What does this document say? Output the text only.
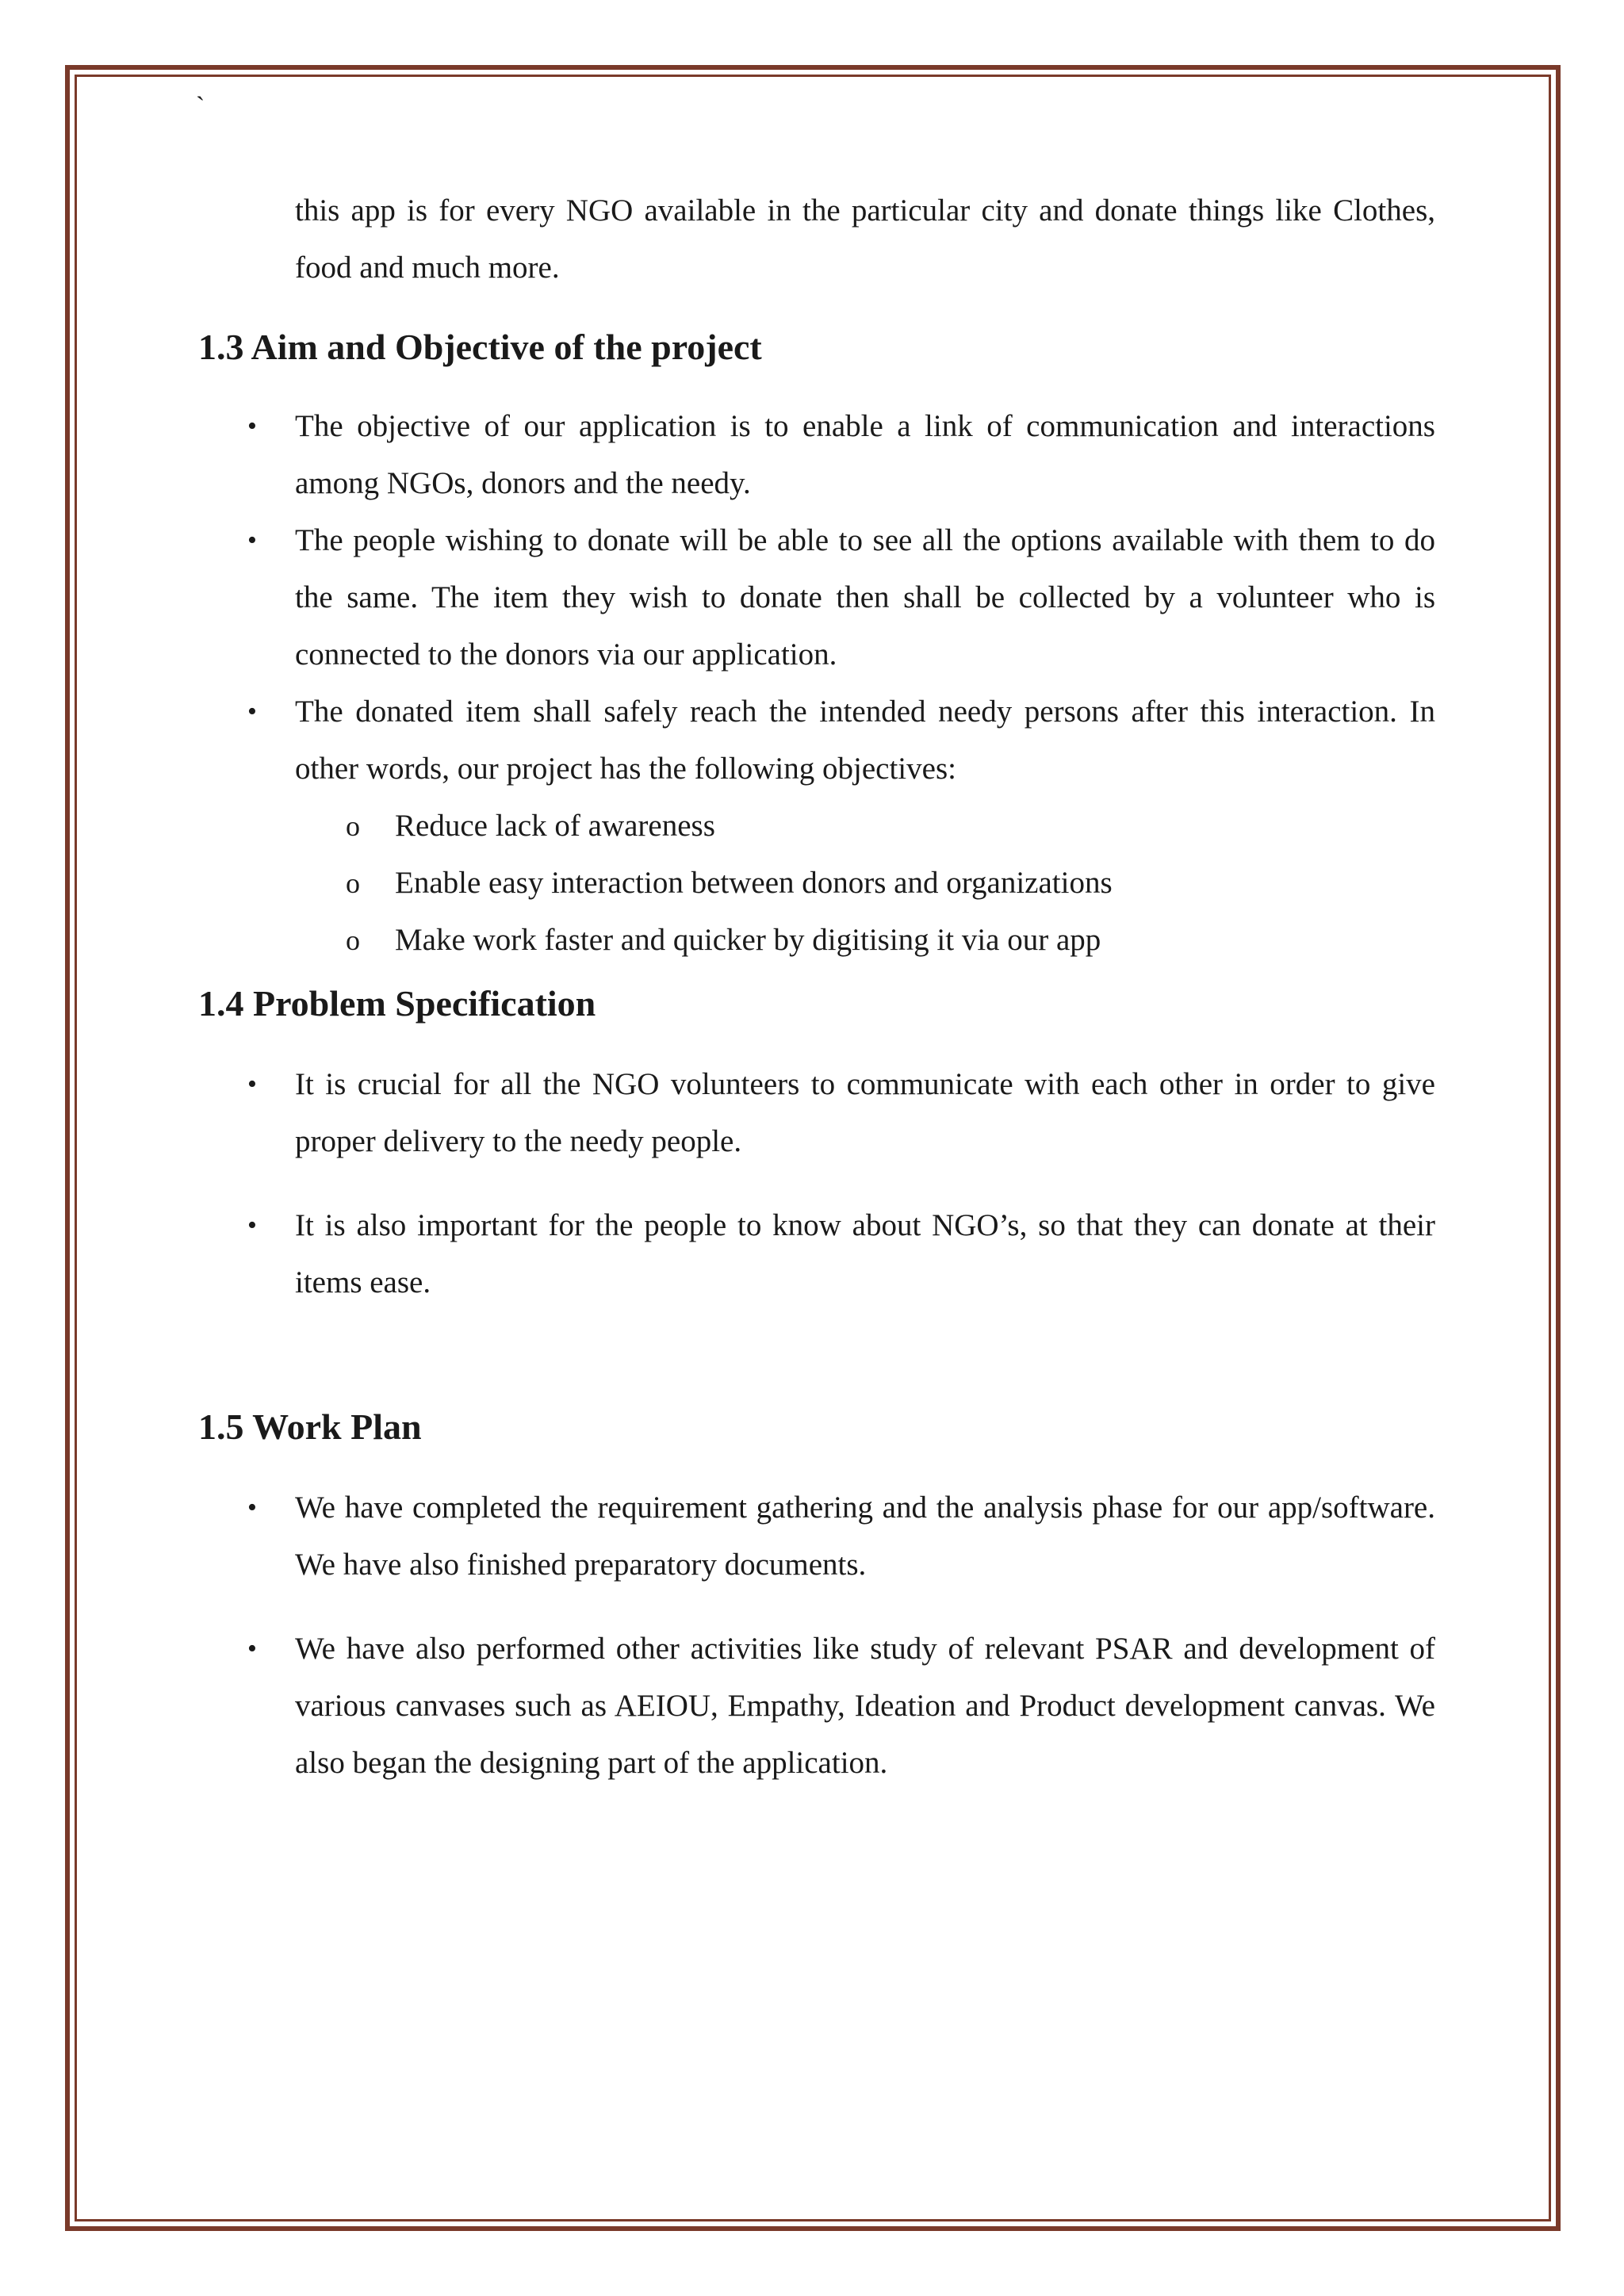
`

this app is for every NGO available in the particular city and donate things like Clothes, food and much more.

1.3 Aim and Objective of the project
• The objective of our application is to enable a link of communication and interactions among NGOs, donors and the needy.
• The people wishing to donate will be able to see all the options available with them to do the same. The item they wish to donate then shall be collected by a volunteer who is connected to the donors via our application.
• The donated item shall safely reach the intended needy persons after this interaction. In other words, our project has the following objectives:
o Reduce lack of awareness
o Enable easy interaction between donors and organizations
o Make work faster and quicker by digitising it via our app
1.4 Problem Specification
• It is crucial for all the NGO volunteers to communicate with each other in order to give proper delivery to the needy people.
• It is also important for the people to know about NGO’s, so that they can donate at their items ease.
1.5 Work Plan
• We have completed the requirement gathering and the analysis phase for our app/software. We have also finished preparatory documents.
• We have also performed other activities like study of relevant PSAR and development of various canvases such as AEIOU, Empathy, Ideation and Product development canvas. We also began the designing part of the application.
